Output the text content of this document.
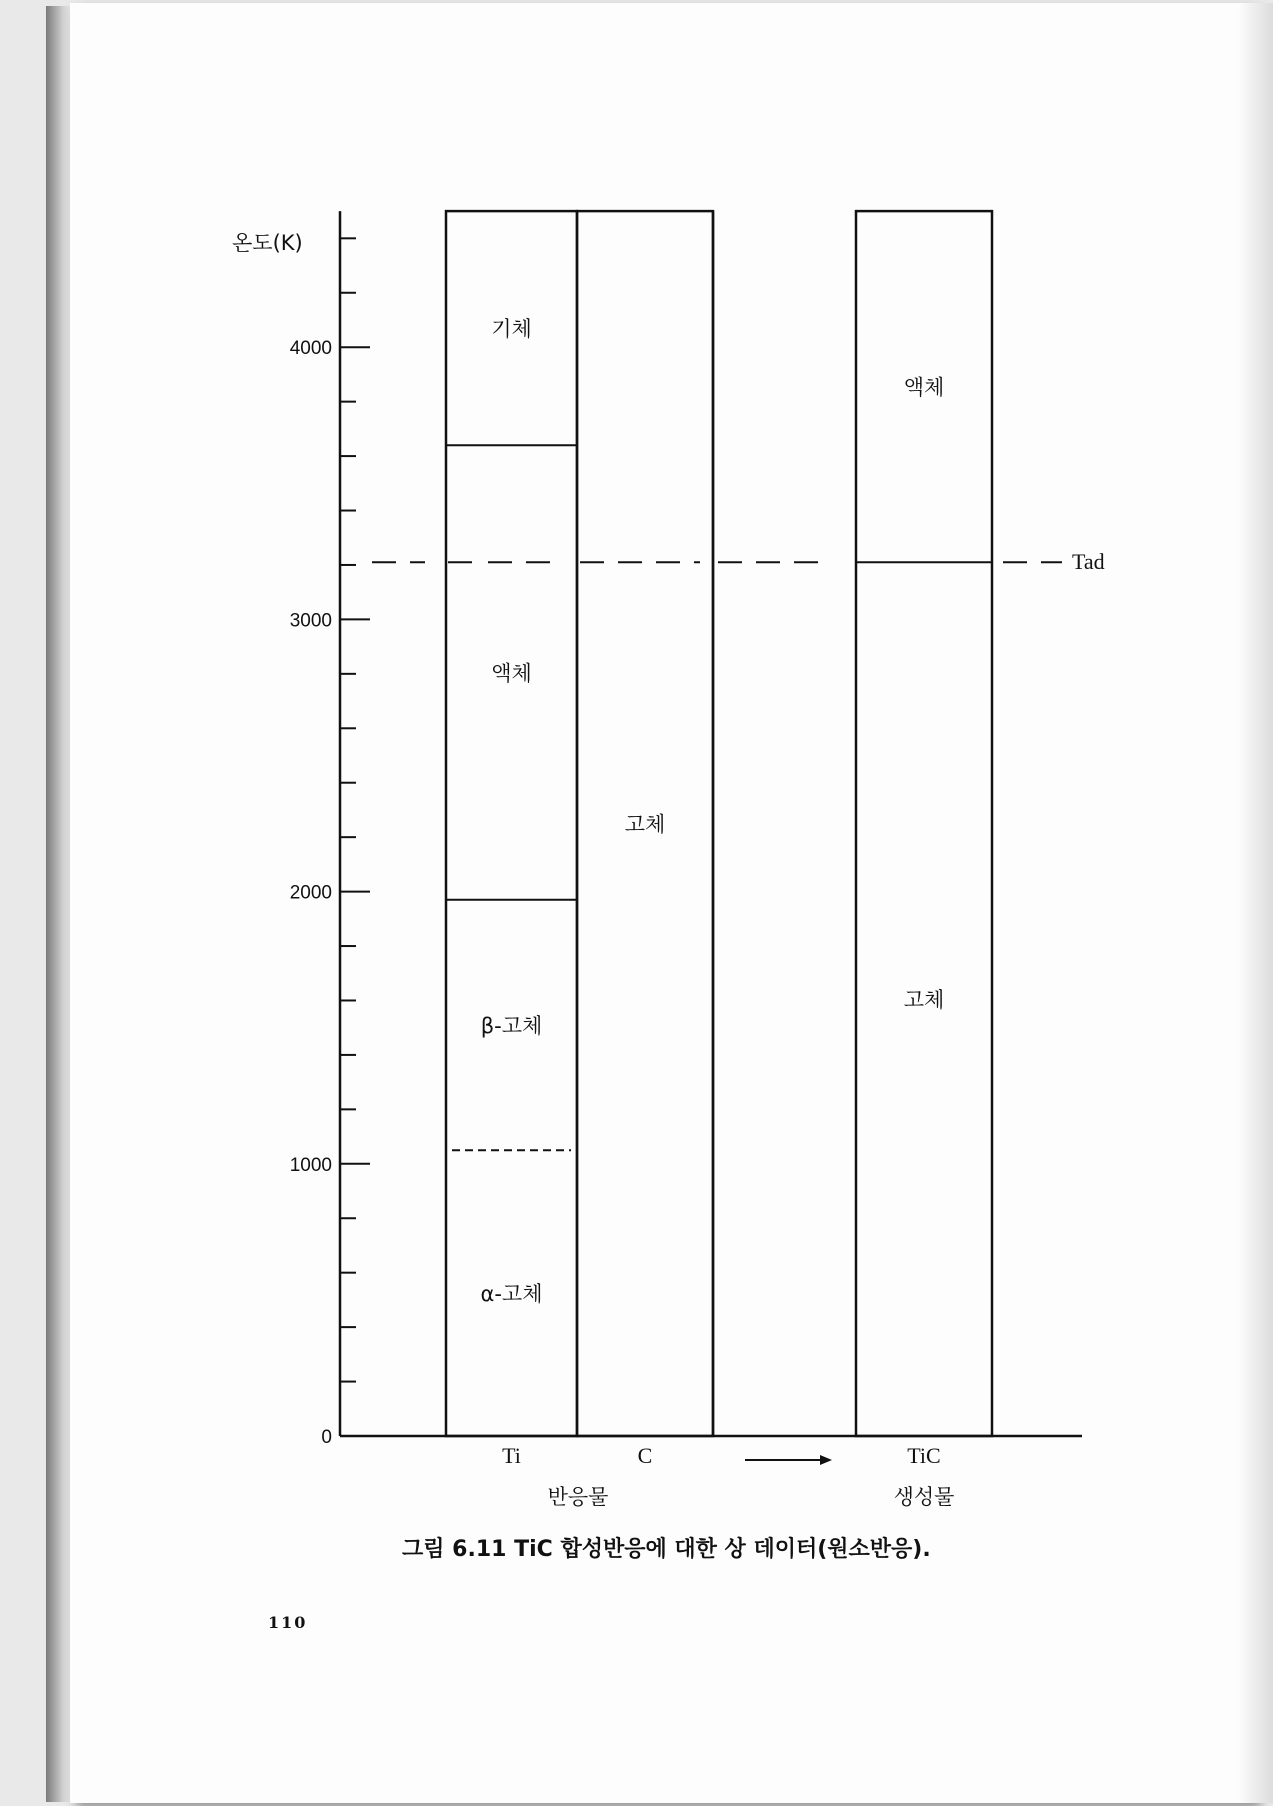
온도(K)
그림 6.11 TiC 합성반응에 대한 상 데이터(원소반응).
110
0
1000
2000
3000
4000
α-고체
β-고체
액체
기체
Ti
고체
C
고체
액체
TiC
Tad
반응물	생성물
